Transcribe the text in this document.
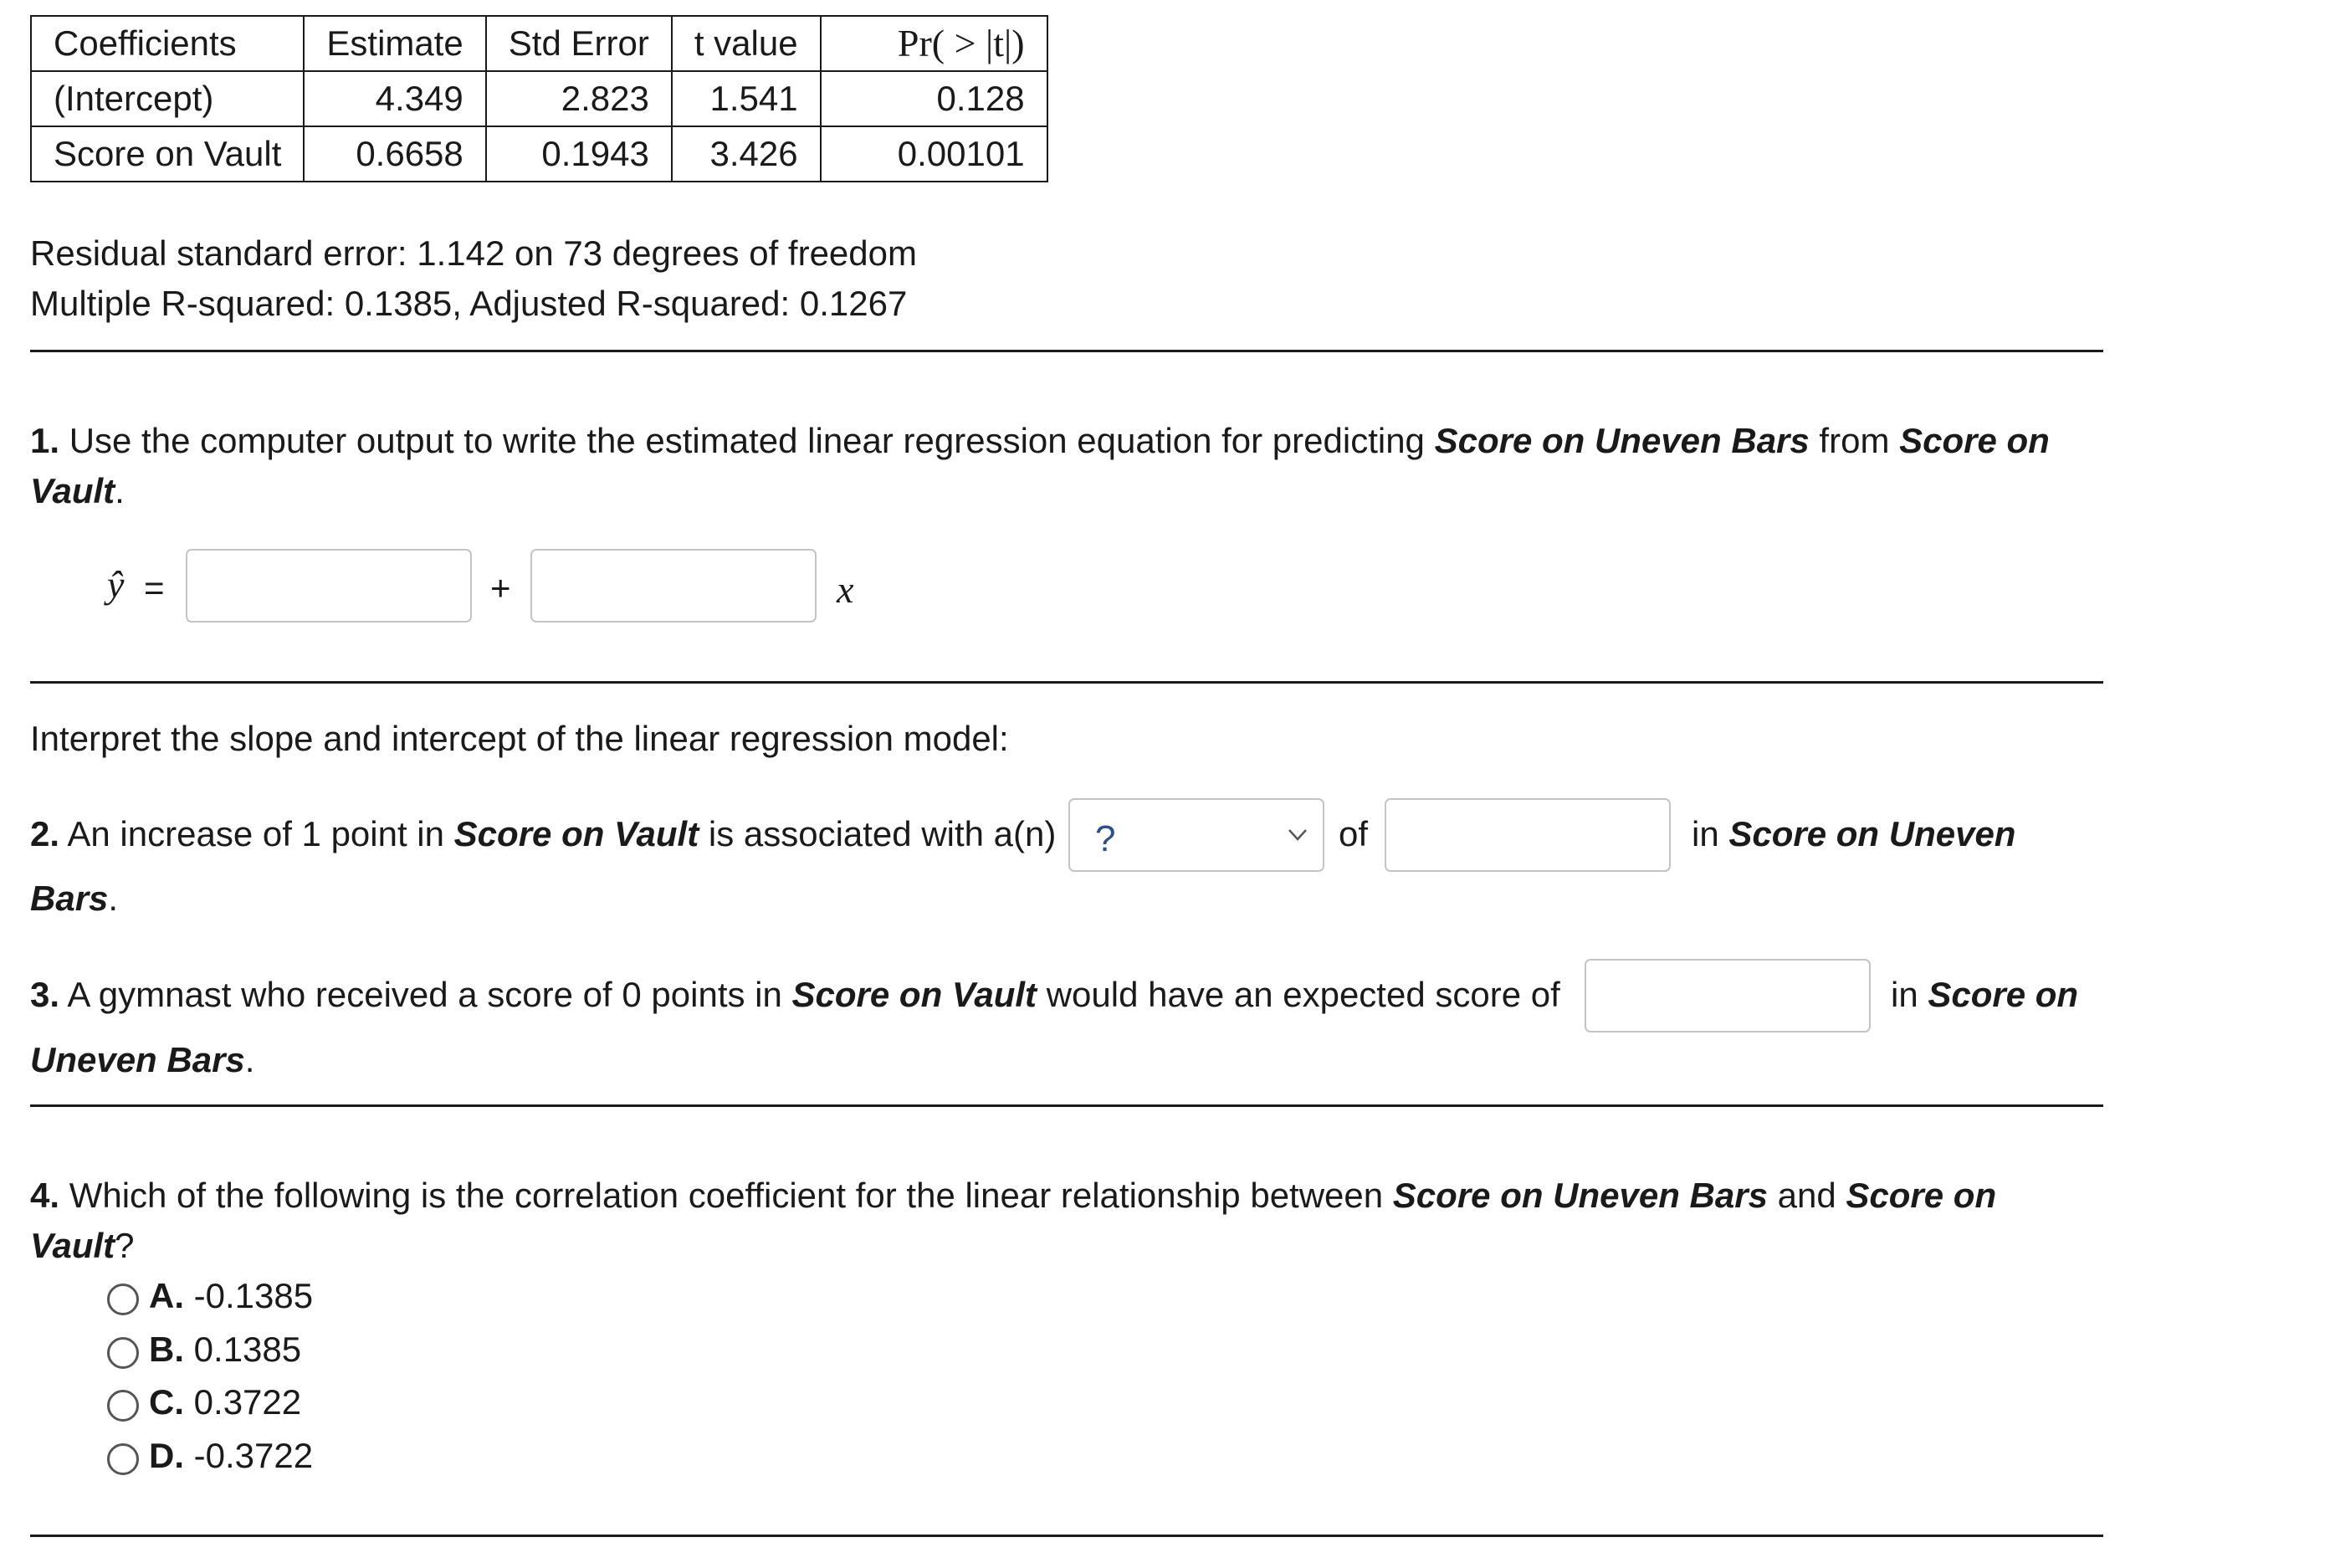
Coefficients	Estimate	Std Error	t value	Pr( > |t|)
(Intercept)	4.349	2.823	1.541	0.128
Score on Vault	0.6658	0.1943	3.426	0.00101
Residual standard error: 1.142 on 73 degrees of freedom
Multiple R-squared: 0.1385, Adjusted R-squared: 0.1267
1. Use the computer output to write the estimated linear regression equation for predicting Score on Uneven Bars from Score on
Vault.
ŷ =	+	x
Interpret the slope and intercept of the linear regression model:
2. An increase of 1 point in Score on Vault is associated with a(n) ?	of	in Score on Uneven
Bars.
3. A gymnast who received a score of 0 points in Score on Vault would have an expected score of	in Score on
Uneven Bars.
4. Which of the following is the correlation coefficient for the linear relationship between Score on Uneven Bars and Score on
Vault?
A. -0.1385
B. 0.1385
C. 0.3722
D. -0.3722
